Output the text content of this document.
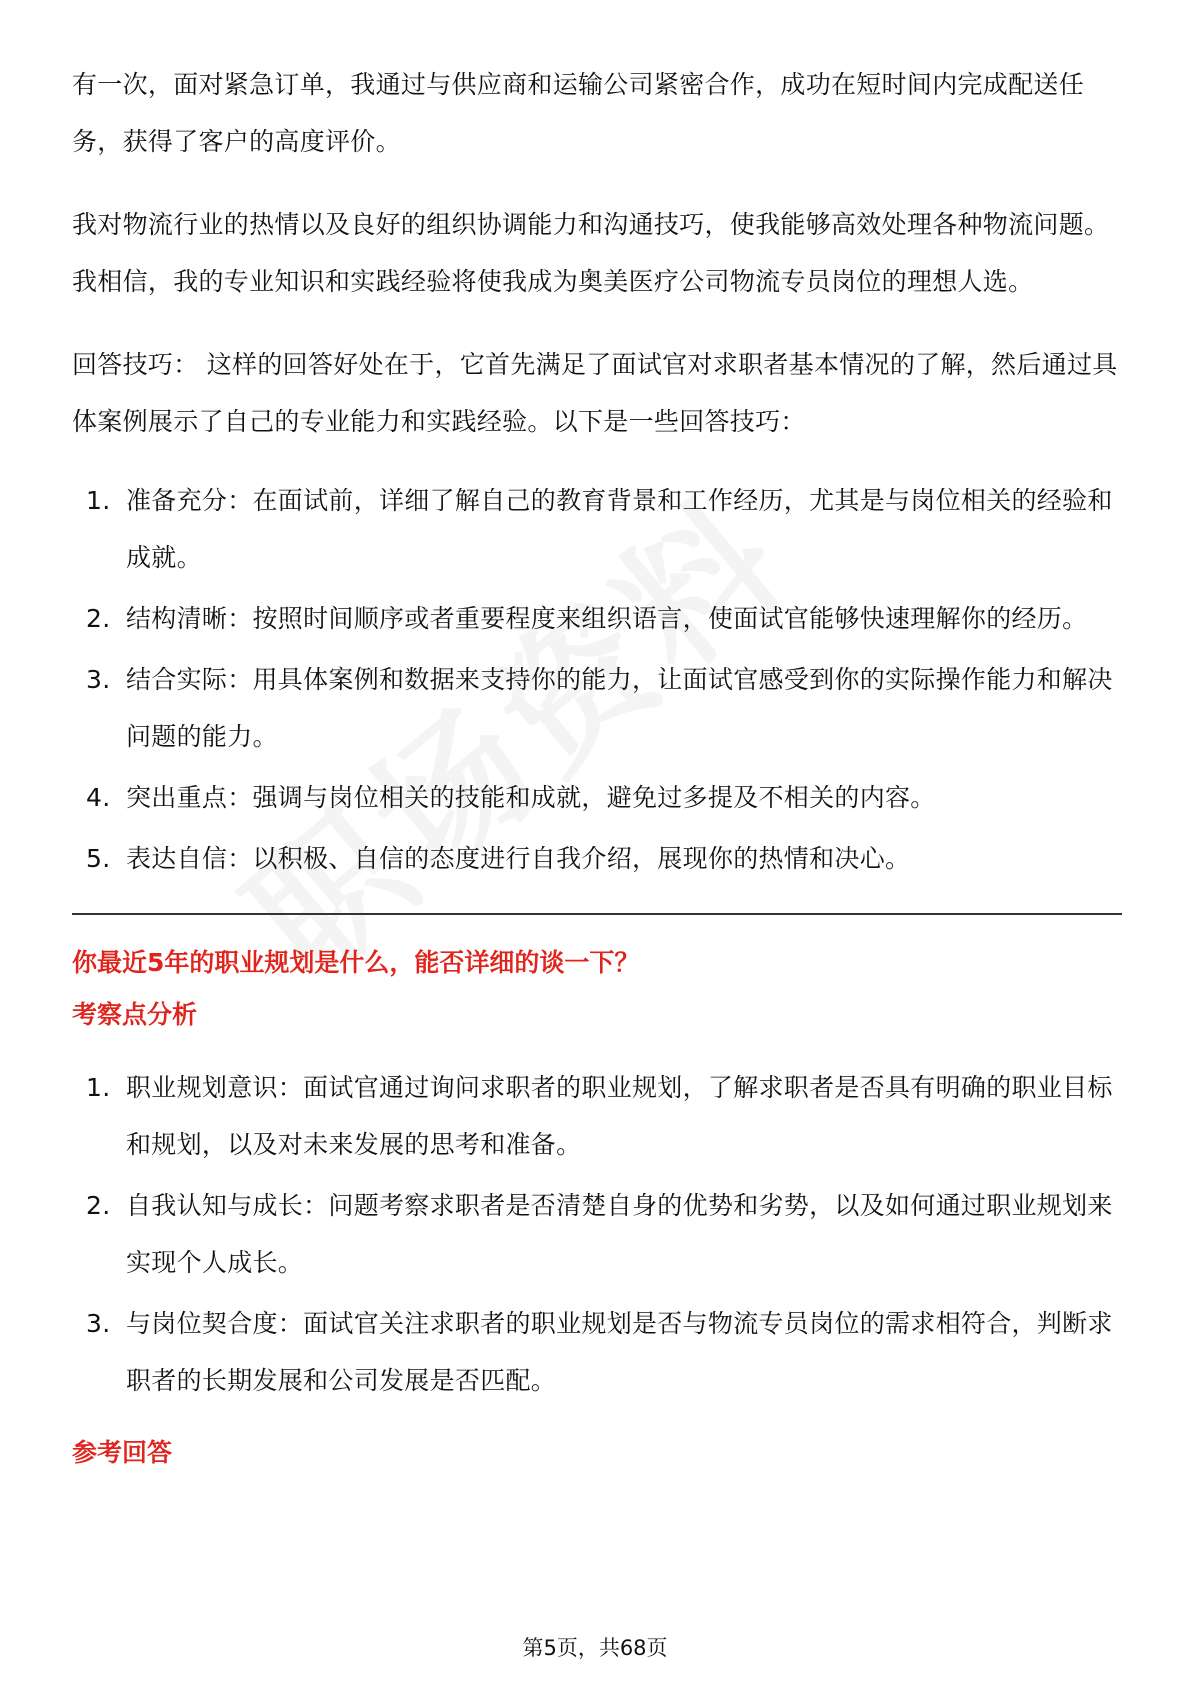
有一次，面对紧急订单，我通过与供应商和运输公司紧密合作，成功在短时间内完成配送任务，获得了客户的高度评价。

我对物流行业的热情以及良好的组织协调能力和沟通技巧，使我能够高效处理各种物流问题。我相信，我的专业知识和实践经验将使我成为奥美医疗公司物流专员岗位的理想人选。

回答技巧： 这样的回答好处在于，它首先满足了面试官对求职者基本情况的了解，然后通过具体案例展示了自己的专业能力和实践经验。以下是一些回答技巧：

1. 准备充分：在面试前，详细了解自己的教育背景和工作经历，尤其是与岗位相关的经验和成就。
2. 结构清晰：按照时间顺序或者重要程度来组织语言，使面试官能够快速理解你的经历。
3. 结合实际：用具体案例和数据来支持你的能力，让面试官感受到你的实际操作能力和解决问题的能力。
4. 突出重点：强调与岗位相关的技能和成就，避免过多提及不相关的内容。
5. 表达自信：以积极、自信的态度进行自我介绍，展现你的热情和决心。
你最近5年的职业规划是什么，能否详细的谈一下？
考察点分析
1. 职业规划意识：面试官通过询问求职者的职业规划，了解求职者是否具有明确的职业目标和规划，以及对未来发展的思考和准备。
2. 自我认知与成长：问题考察求职者是否清楚自身的优势和劣势，以及如何通过职业规划来实现个人成长。
3. 与岗位契合度：面试官关注求职者的职业规划是否与物流专员岗位的需求相符合，判断求职者的长期发展和公司发展是否匹配。
参考回答
第5页，共68页
